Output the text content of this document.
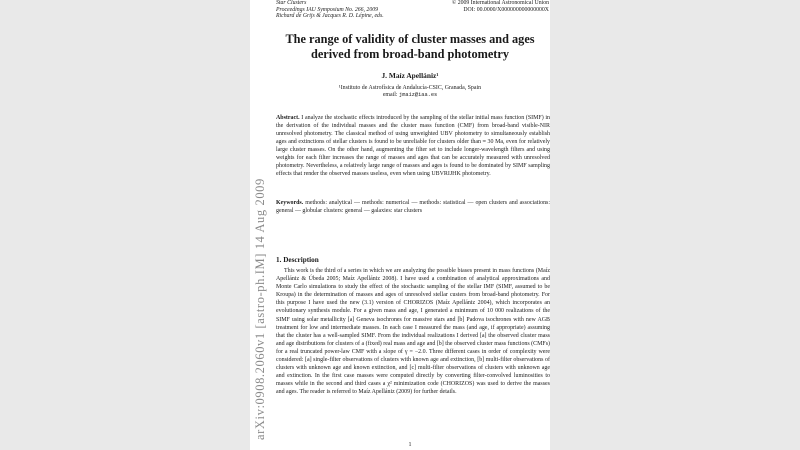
arXiv:0908.2060v1 [astro-ph.IM] 14 Aug 2009
Star Clusters
Proceedings IAU Symposium No. 266, 2009
Richard de Grijs & Jacques R. D. Lépine, eds.
© 2009 International Astronomical Union
DOI: 00.0000/X000000000000000X
The range of validity of cluster masses and ages derived from broad-band photometry
J. Maíz Apellániz¹
¹Instituto de Astrofísica de Andalucía-CSIC, Granada, Spain
email: jmaiz@iaa.es
Abstract. I analyze the stochastic effects introduced by the sampling of the stellar initial mass function (SIMF) in the derivation of the individual masses and the cluster mass function (CMF) from broad-band visible-NIR unresolved photometry. The classical method of using unweighted UBV photometry to simultaneously establish ages and extinctions of stellar clusters is found to be unreliable for clusters older than ≈ 30 Ma, even for relatively large cluster masses. On the other hand, augmenting the filter set to include longer-wavelength filters and using weights for each filter increases the range of masses and ages that can be accurately measured with unresolved photometry. Nevertheless, a relatively large range of masses and ages is found to be dominated by SIMF sampling effects that render the observed masses useless, even when using UBVRIJHK photometry.
Keywords. methods: analytical — methods: numerical — methods: statistical — open clusters and associations: general — globular clusters: general — galaxies: star clusters
1. Description

This work is the third of a series in which we are analyzing the possible biases present in mass functions (Maíz Apellániz & Úbeda 2005; Maíz Apellániz 2008). I have used a combination of analytical approximations and Monte Carlo simulations to study the effect of the stochastic sampling of the stellar IMF (SIMF, assumed to be Kroupa) in the determination of masses and ages of unresolved stellar custers from broad-band photometry. For this purpose I have used the new (3.1) version of CHORIZOS (Maíz Apellániz 2004), which incorporates an evolutionary synthesis module. For a given mass and age, I generated a minimum of 10 000 realizations of the SIMF using solar metallicity [a] Geneva isochrones for massive stars and [b] Padova isochrones with new AGB treatment for low and intermediate masses. In each case I measured the mass (and age, if appropriate) assuming that the cluster has a well-sampled SIMF. From the individual realizations I derived [a] the observed cluster mass and age distributions for clusters of a (fixed) real mass and age and [b] the observed cluster mass functions (CMFs) for a real truncated power-law CMF with a slope of γ = −2.0. Three different cases in order of complexity were considered: [a] single-filter observations of clusters with known age and extinction, [b] multi-filter observations of clusters with unknown age and known extinction, and [c] multi-filter observations of clusters with unknown age and extinction. In the first case masses were computed directly by converting filter-convolved luminosities to masses while in the second and third cases a χ² minimization code (CHORIZOS) was used to derive the masses and ages. The reader is referred to Maíz Apellániz (2009) for further details.

1
